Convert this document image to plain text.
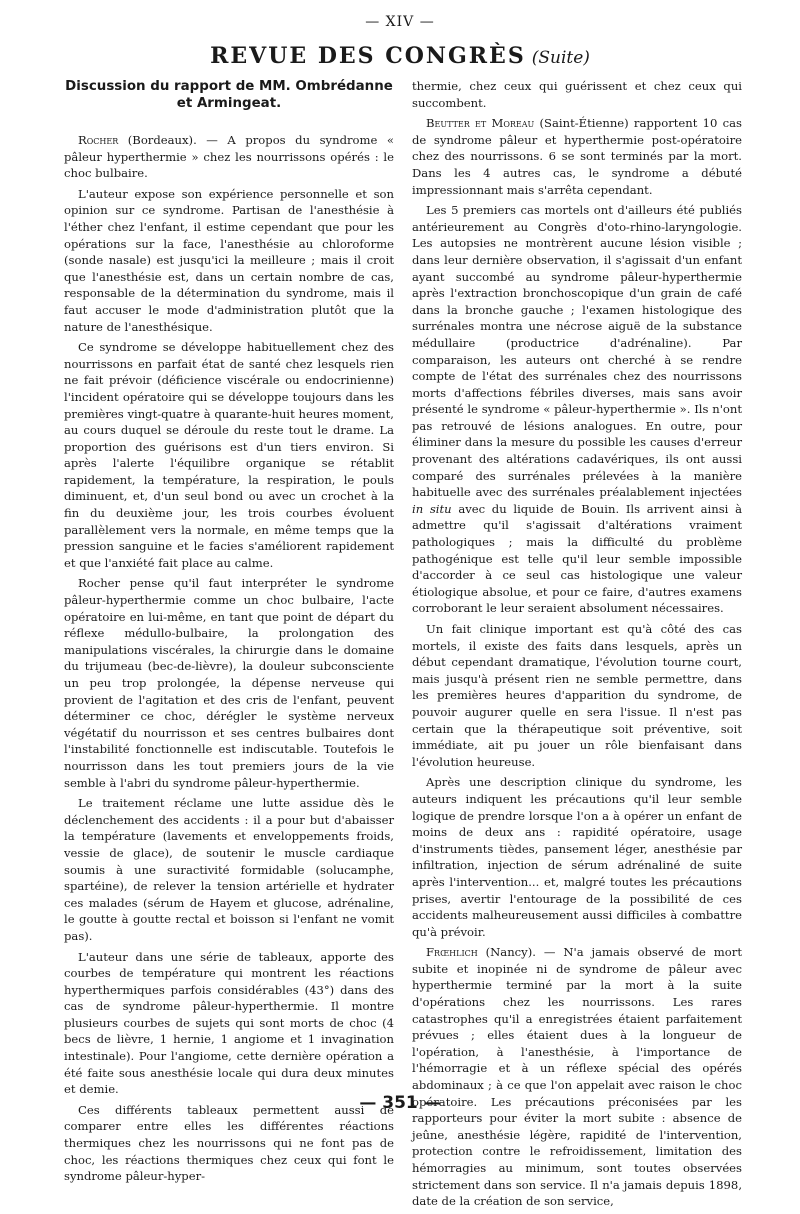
— XIV —
REVUE DES CONGRÈS (Suite)
Discussion du rapport de MM. Ombrédanne et Armingeat.

Rocher (Bordeaux). — A propos du syndrome « pâleur hyperthermie » chez les nourrissons opérés : le choc bulbaire.

L'auteur expose son expérience personnelle et son opinion sur ce syndrome. Partisan de l'anesthésie à l'éther chez l'enfant, il estime cependant que pour les opérations sur la face, l'anesthésie au chloroforme (sonde nasale) est jusqu'ici la meilleure ; mais il croit que l'anesthésie est, dans un certain nombre de cas, responsable de la détermination du syndrome, mais il faut accuser le mode d'administration plutôt que la nature de l'anesthésique.

Ce syndrome se développe habituellement chez des nourrissons en parfait état de santé chez lesquels rien ne fait prévoir (déficience viscérale ou endocrinienne) l'incident opératoire qui se développe toujours dans les premières vingt-quatre à quarante-huit heures moment, au cours duquel se déroule du reste tout le drame. La proportion des guérisons est d'un tiers environ. Si après l'alerte l'équilibre organique se rétablit rapidement, la température, la respiration, le pouls diminuent, et, d'un seul bond ou avec un crochet à la fin du deuxième jour, les trois courbes évoluent parallèlement vers la normale, en même temps que la pression sanguine et le facies s'améliorent rapidement et que l'anxiété fait place au calme.

Rocher pense qu'il faut interpréter le syndrome pâleur-hyperthermie comme un choc bulbaire, l'acte opératoire en lui-même, en tant que point de départ du réflexe médullo-bulbaire, la prolongation des manipulations viscérales, la chirurgie dans le domaine du trijumeau (bec-de-lièvre), la douleur subconsciente un peu trop prolongée, la dépense nerveuse qui provient de l'agitation et des cris de l'enfant, peuvent déterminer ce choc, dérégler le système nerveux végétatif du nourrisson et ses centres bulbaires dont l'instabilité fonctionnelle est indiscutable. Toutefois le nourrisson dans les tout premiers jours de la vie semble à l'abri du syndrome pâleur-hyperthermie.

Le traitement réclame une lutte assidue dès le déclenchement des accidents : il a pour but d'abaisser la température (lavements et enveloppements froids, vessie de glace), de soutenir le muscle cardiaque soumis à une suractivité formidable (solucamphe, spartéine), de relever la tension artérielle et hydrater ces malades (sérum de Hayem et glucose, adrénaline, le goutte à goutte rectal et boisson si l'enfant ne vomit pas).

L'auteur dans une série de tableaux, apporte des courbes de température qui montrent les réactions hyperthermiques parfois considérables (43°) dans des cas de syndrome pâleur-hyperthermie. Il montre plusieurs courbes de sujets qui sont morts de choc (4 becs de lièvre, 1 hernie, 1 angiome et 1 invagination intestinale). Pour l'angiome, cette dernière opération a été faite sous anesthésie locale qui dura deux minutes et demie.

Ces différents tableaux permettent aussi de comparer entre elles les différentes réactions thermiques chez les nourrissons qui ne font pas de choc, les réactions thermiques chez ceux qui font le syndrome pâleur-hyper-

thermie, chez ceux qui guérissent et chez ceux qui succombent.

Beutter et Moreau (Saint-Étienne) rapportent 10 cas de syndrome pâleur et hyperthermie post-opératoire chez des nourrissons. 6 se sont terminés par la mort. Dans les 4 autres cas, le syndrome a débuté impressionnant mais s'arrêta cependant.

Les 5 premiers cas mortels ont d'ailleurs été publiés antérieurement au Congrès d'oto-rhino-laryngologie. Les autopsies ne montrèrent aucune lésion visible ; dans leur dernière observation, il s'agissait d'un enfant ayant succombé au syndrome pâleur-hyperthermie après l'extraction bronchoscopique d'un grain de café dans la bronche gauche ; l'examen histologique des surrénales montra une nécrose aiguë de la substance médullaire (productrice d'adrénaline). Par comparaison, les auteurs ont cherché à se rendre compte de l'état des surrénales chez des nourrissons morts d'affections fébriles diverses, mais sans avoir présenté le syndrome « pâleur-hyperthermie ». Ils n'ont pas retrouvé de lésions analogues. En outre, pour éliminer dans la mesure du possible les causes d'erreur provenant des altérations cadavériques, ils ont aussi comparé des surrénales prélevées à la manière habituelle avec des surrénales préalablement injectées in situ avec du liquide de Bouin. Ils arrivent ainsi à admettre qu'il s'agissait d'altérations vraiment pathologiques ; mais la difficulté du problème pathogénique est telle qu'il leur semble impossible d'accorder à ce seul cas histologique une valeur étiologique absolue, et pour ce faire, d'autres examens corroborant le leur seraient absolument nécessaires.

Un fait clinique important est qu'à côté des cas mortels, il existe des faits dans lesquels, après un début cependant dramatique, l'évolution tourne court, mais jusqu'à présent rien ne semble permettre, dans les premières heures d'apparition du syndrome, de pouvoir augurer quelle en sera l'issue. Il n'est pas certain que la thérapeutique soit préventive, soit immédiate, ait pu jouer un rôle bienfaisant dans l'évolution heureuse.

Après une description clinique du syndrome, les auteurs indiquent les précautions qu'il leur semble logique de prendre lorsque l'on a à opérer un enfant de moins de deux ans : rapidité opératoire, usage d'instruments tièdes, pansement léger, anesthésie par infiltration, injection de sérum adrénaliné de suite après l'intervention... et, malgré toutes les précautions prises, avertir l'entourage de la possibilité de ces accidents malheureusement aussi difficiles à combattre qu'à prévoir.

Frœhlich (Nancy). — N'a jamais observé de mort subite et inopinée ni de syndrome de pâleur avec hyperthermie terminé par la mort à la suite d'opérations chez les nourrissons. Les rares catastrophes qu'il a enregistrées étaient parfaitement prévues ; elles étaient dues à la longueur de l'opération, à l'anesthésie, à l'importance de l'hémorragie et à un réflexe spécial des opérés abdominaux ; à ce que l'on appelait avec raison le choc opératoire. Les précautions préconisées par les rapporteurs pour éviter la mort subite : absence de jeûne, anesthésie légère, rapidité de l'intervention, protection contre le refroidissement, limitation des hémorragies au minimum, sont toutes observées strictement dans son service. Il n'a jamais depuis 1898, date de la création de son service,

— 351 —
